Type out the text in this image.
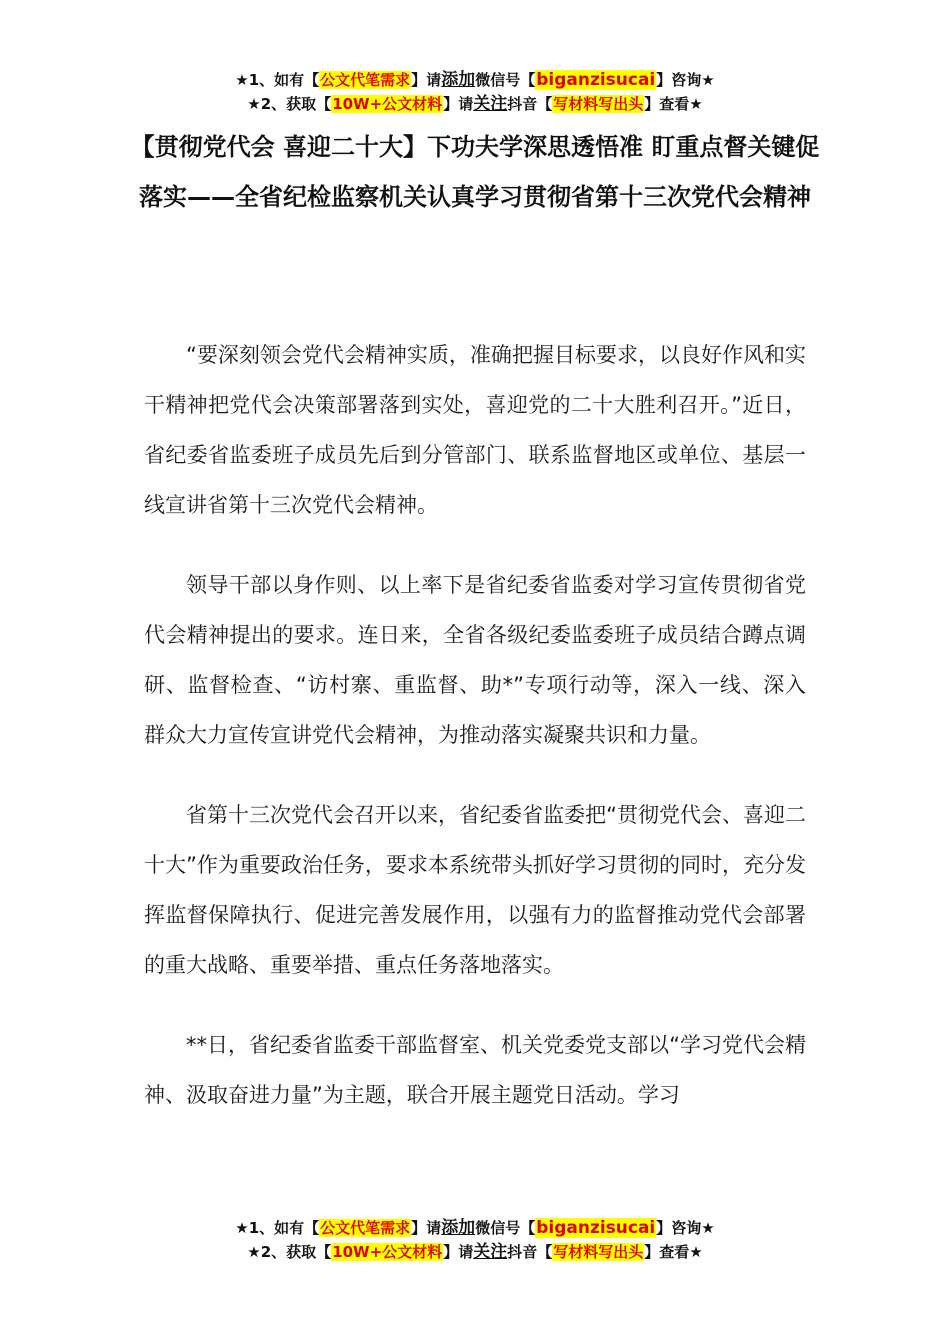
★1、如有【公文代笔需求】请添加微信号【biganzisucai】咨询★
★2、获取【10W+公文材料】请关注抖音【写材料写出头】查看★
【贯彻党代会 喜迎二十大】下功夫学深思透悟准 盯重点督关键促落实——全省纪检监察机关认真学习贯彻省第十三次党代会精神

“要深刻领会党代会精神实质，准确把握目标要求，以良好作风和实干精神把党代会决策部署落到实处，喜迎党的二十大胜利召开。”近日，省纪委省监委班子成员先后到分管部门、联系监督地区或单位、基层一线宣讲省第十三次党代会精神。

领导干部以身作则、以上率下是省纪委省监委对学习宣传贯彻省党代会精神提出的要求。连日来，全省各级纪委监委班子成员结合蹲点调研、监督检查、“访村寨、重监督、助*”专项行动等，深入一线、深入群众大力宣传宣讲党代会精神，为推动落实凝聚共识和力量。

省第十三次党代会召开以来，省纪委省监委把“贯彻党代会、喜迎二十大”作为重要政治任务，要求本系统带头抓好学习贯彻的同时，充分发挥监督保障执行、促进完善发展作用，以强有力的监督推动党代会部署的重大战略、重要举措、重点任务落地落实。

**日，省纪委省监委干部监督室、机关党委党支部以“学习党代会精神、汲取奋进力量”为主题，联合开展主题党日活动。学习

★1、如有【公文代笔需求】请添加微信号【biganzisucai】咨询★
★2、获取【10W+公文材料】请关注抖音【写材料写出头】查看★
